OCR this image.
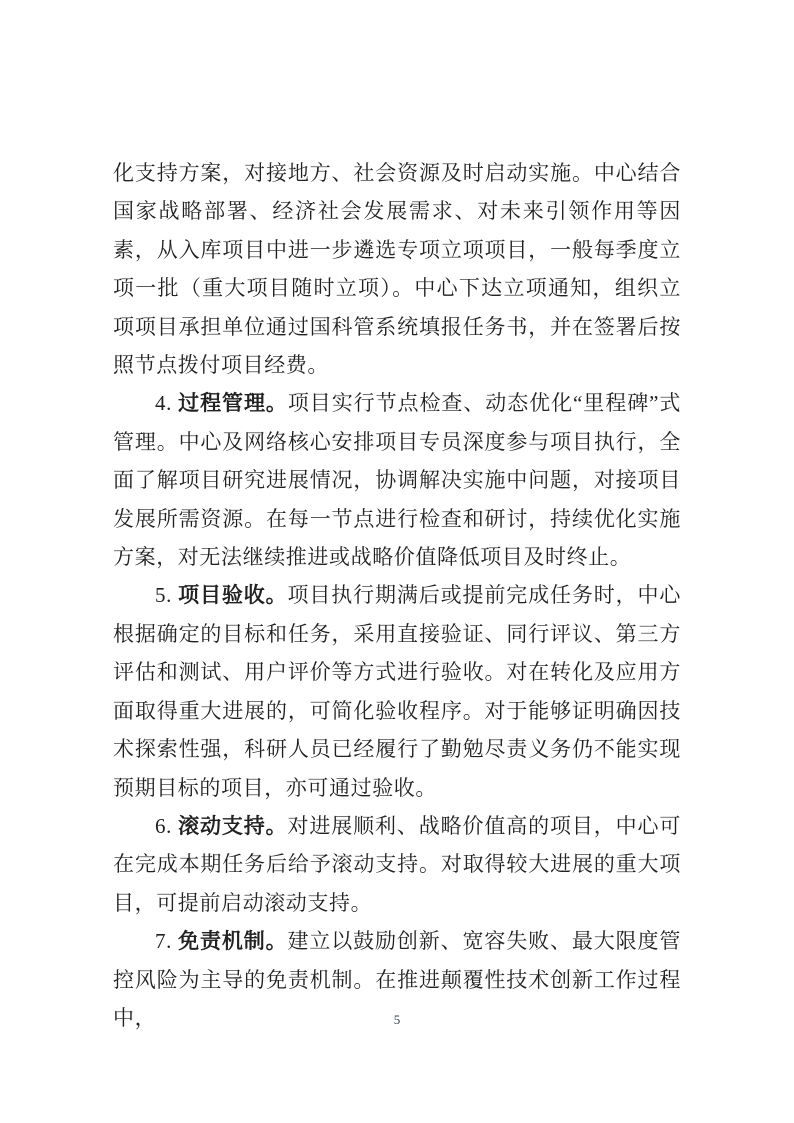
化支持方案，对接地方、社会资源及时启动实施。中心结合国家战略部署、经济社会发展需求、对未来引领作用等因素，从入库项目中进一步遴选专项立项项目，一般每季度立项一批（重大项目随时立项）。中心下达立项通知，组织立项项目承担单位通过国科管系统填报任务书，并在签署后按照节点拨付项目经费。

4. 过程管理。项目实行节点检查、动态优化“里程碑”式管理。中心及网络核心安排项目专员深度参与项目执行，全面了解项目研究进展情况，协调解决实施中问题，对接项目发展所需资源。在每一节点进行检查和研讨，持续优化实施方案，对无法继续推进或战略价值降低项目及时终止。

5. 项目验收。项目执行期满后或提前完成任务时，中心根据确定的目标和任务，采用直接验证、同行评议、第三方评估和测试、用户评价等方式进行验收。对在转化及应用方面取得重大进展的，可简化验收程序。对于能够证明确因技术探索性强，科研人员已经履行了勤勉尽责义务仍不能实现预期目标的项目，亦可通过验收。

6. 滚动支持。对进展顺利、战略价值高的项目，中心可在完成本期任务后给予滚动支持。对取得较大进展的重大项目，可提前启动滚动支持。

7. 免责机制。建立以鼓励创新、宽容失败、最大限度管控风险为主导的免责机制。在推进颠覆性技术创新工作过程中，	5
